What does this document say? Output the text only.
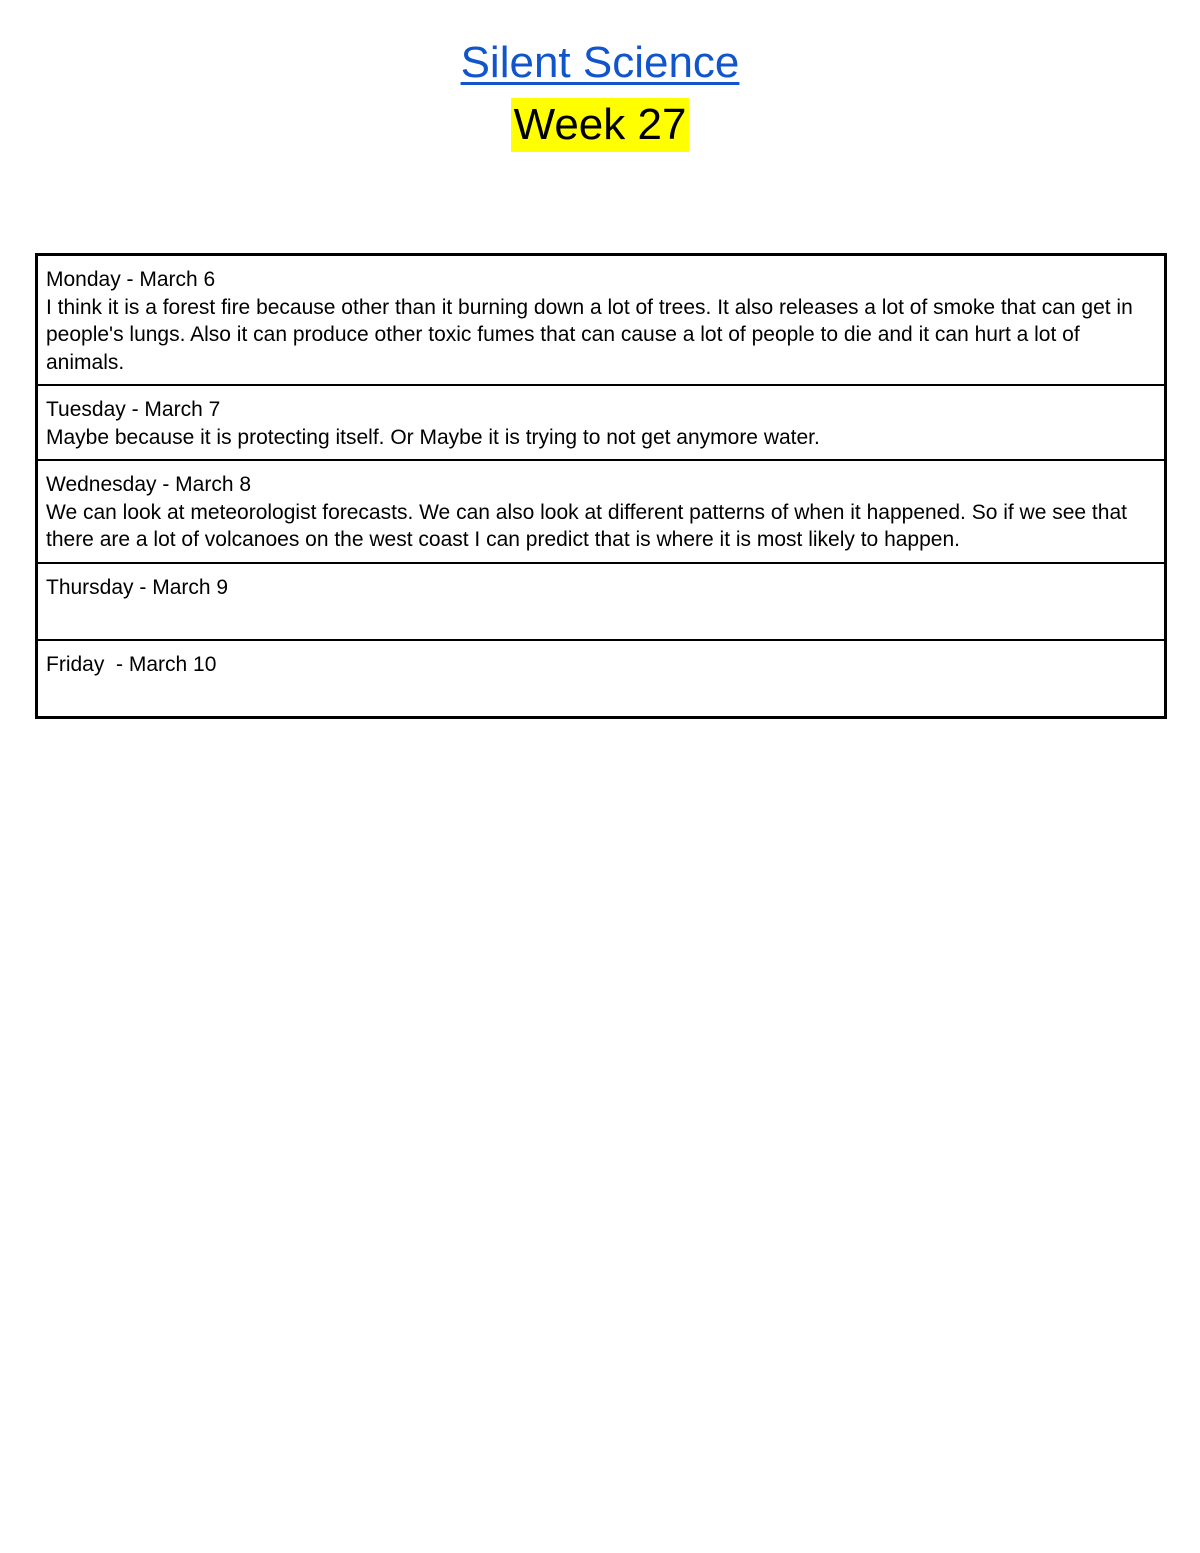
Silent Science
Week 27
Monday - March 6
I think it is a forest fire because other than it burning down a lot of trees. It also releases a lot of smoke that can get in people's lungs. Also it can produce other toxic fumes that can cause a lot of people to die and it can hurt a lot of animals.

Tuesday - March 7
Maybe because it is protecting itself. Or Maybe it is trying to not get anymore water.

Wednesday - March 8
We can look at meteorologist forecasts. We can also look at different patterns of when it happened. So if we see that there are a lot of volcanoes on the west coast I can predict that is where it is most likely to happen.

Thursday - March 9

Friday  - March 10
